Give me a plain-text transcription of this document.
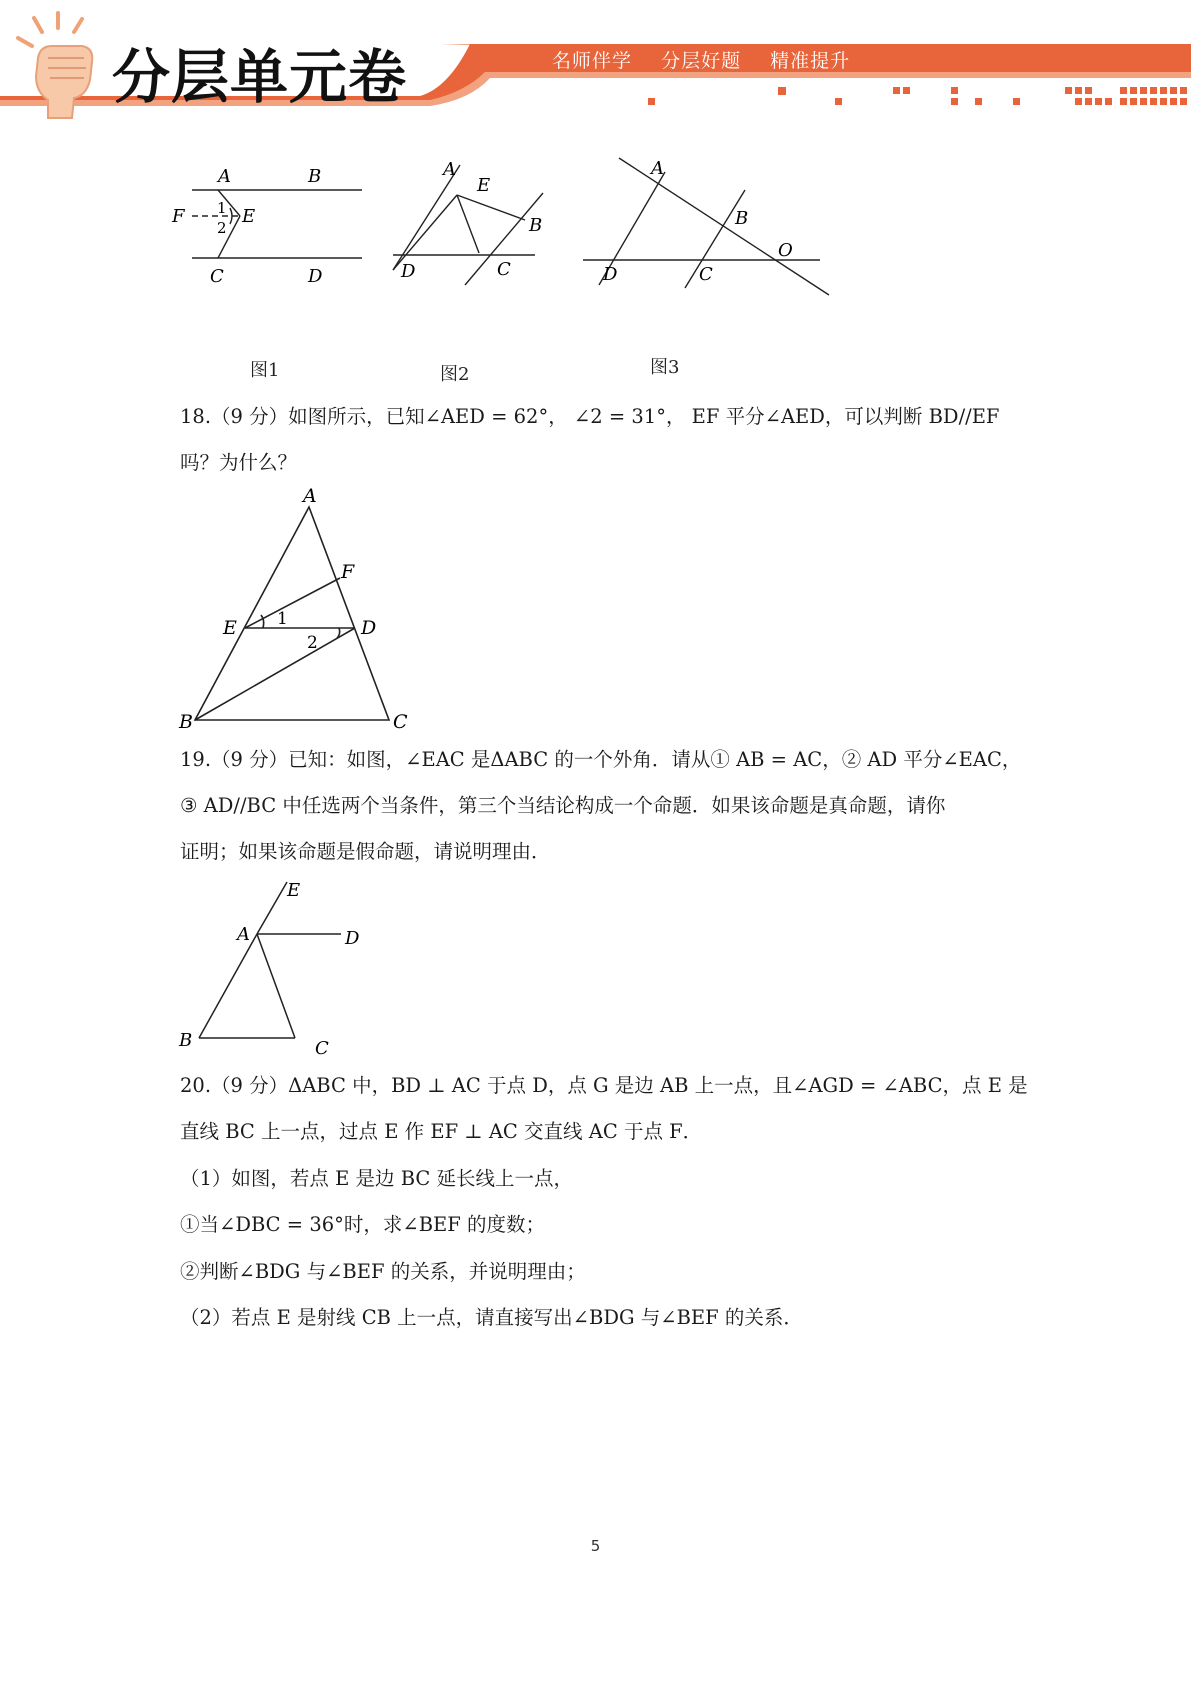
分层单元卷	名师伴学 分层好题 精准提升
A	B
F	E
1
2
C	D
A
E
B
D	C
A
B
O
D	C
图1	图2	图3
18.（9 分）如图所示，已知∠AED = 62°， ∠2 = 31°， EF 平分∠AED，可以判断 BD//EF
吗？为什么？
A
F
E	D
1
2
B	C
19.（9 分）已知：如图，∠EAC 是ΔABC 的一个外角．请从① AB = AC，② AD 平分∠EAC，
③ AD//BC 中任选两个当条件，第三个当结论构成一个命题．如果该命题是真命题，请你
证明；如果该命题是假命题，请说明理由．
E
A	D
B	C
20.（9 分）ΔABC 中，BD ⊥ AC 于点 D，点 G 是边 AB 上一点，且∠AGD = ∠ABC，点 E 是
直线 BC 上一点，过点 E 作 EF ⊥ AC 交直线 AC 于点 F．
（1）如图，若点 E 是边 BC 延长线上一点，
①当∠DBC = 36°时，求∠BEF 的度数；
②判断∠BDG 与∠BEF 的关系，并说明理由；
（2）若点 E 是射线 CB 上一点，请直接写出∠BDG 与∠BEF 的关系．
5
